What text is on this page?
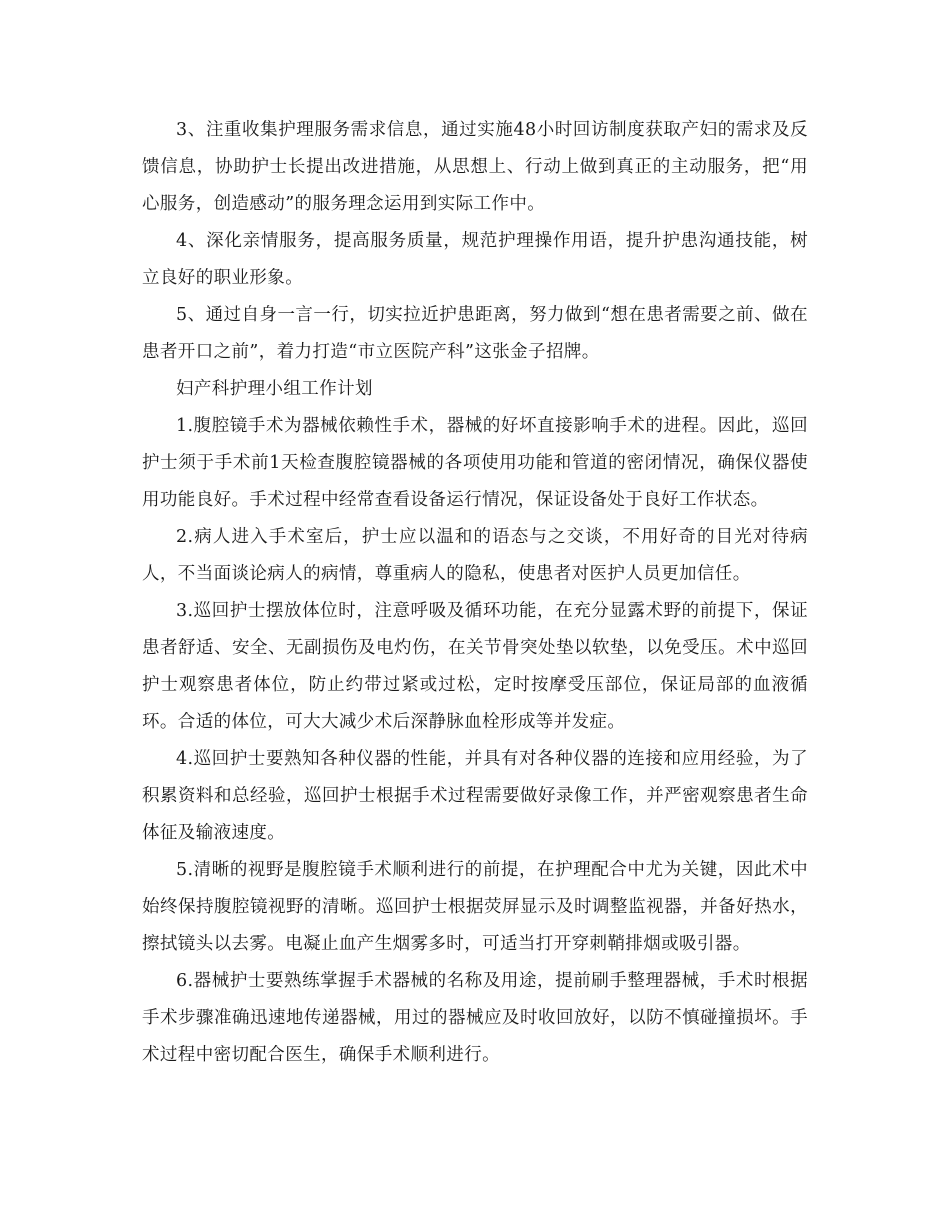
3、注重收集护理服务需求信息，通过实施48小时回访制度获取产妇的需求及反馈信息，协助护士长提出改进措施，从思想上、行动上做到真正的主动服务，把“用心服务，创造感动”的服务理念运用到实际工作中。

4、深化亲情服务，提高服务质量，规范护理操作用语，提升护患沟通技能，树立良好的职业形象。

5、通过自身一言一行，切实拉近护患距离，努力做到“想在患者需要之前、做在患者开口之前”，着力打造“市立医院产科”这张金子招牌。

妇产科护理小组工作计划

1.腹腔镜手术为器械依赖性手术，器械的好坏直接影响手术的进程。因此，巡回护士须于手术前1天检查腹腔镜器械的各项使用功能和管道的密闭情况，确保仪器使用功能良好。手术过程中经常查看设备运行情况，保证设备处于良好工作状态。

2.病人进入手术室后，护士应以温和的语态与之交谈，不用好奇的目光对待病人，不当面谈论病人的病情，尊重病人的隐私，使患者对医护人员更加信任。

3.巡回护士摆放体位时，注意呼吸及循环功能，在充分显露术野的前提下，保证患者舒适、安全、无副损伤及电灼伤，在关节骨突处垫以软垫，以免受压。术中巡回护士观察患者体位，防止约带过紧或过松，定时按摩受压部位，保证局部的血液循环。合适的体位，可大大减少术后深静脉血栓形成等并发症。

4.巡回护士要熟知各种仪器的性能，并具有对各种仪器的连接和应用经验，为了积累资料和总经验，巡回护士根据手术过程需要做好录像工作，并严密观察患者生命体征及输液速度。

5.清晰的视野是腹腔镜手术顺利进行的前提，在护理配合中尤为关键，因此术中始终保持腹腔镜视野的清晰。巡回护士根据荧屏显示及时调整监视器，并备好热水，擦拭镜头以去雾。电凝止血产生烟雾多时，可适当打开穿刺鞘排烟或吸引器。

6.器械护士要熟练掌握手术器械的名称及用途，提前刷手整理器械，手术时根据手术步骤准确迅速地传递器械，用过的器械应及时收回放好，以防不慎碰撞损坏。手术过程中密切配合医生，确保手术顺利进行。
